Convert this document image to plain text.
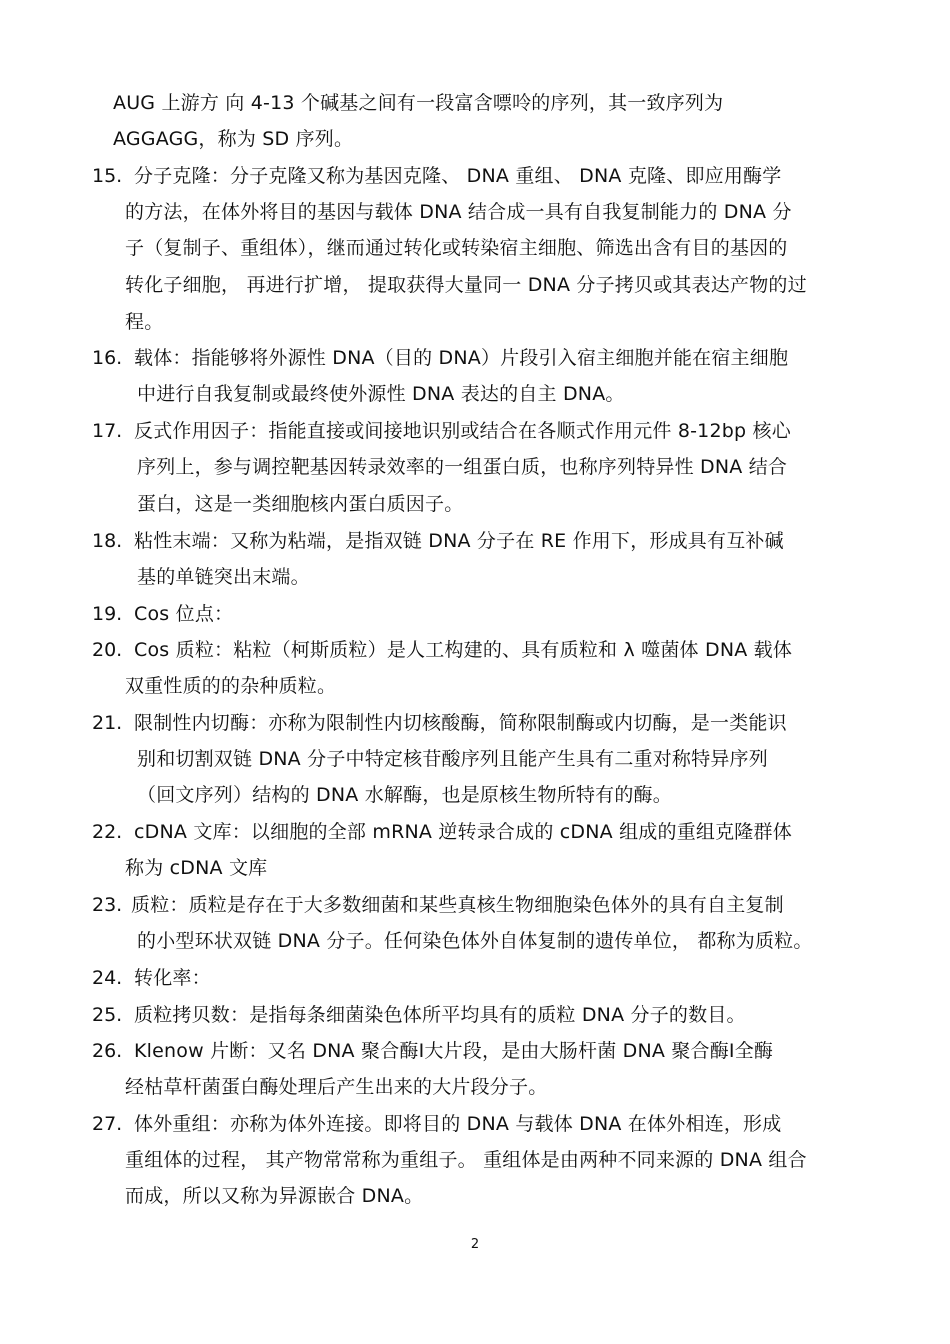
AUG 上游方 向 4-13 个碱基之间有一段富含嘌呤的序列，其一致序列为
AGGAGG，称为 SD 序列。
15. 分子克隆：分子克隆又称为基因克隆、 DNA 重组、 DNA 克隆、即应用酶学
的方法，在体外将目的基因与载体 DNA 结合成一具有自我复制能力的 DNA 分
子（复制子、重组体），继而通过转化或转染宿主细胞、筛选出含有目的基因的
转化子细胞， 再进行扩增， 提取获得大量同一 DNA 分子拷贝或其表达产物的过
程。
16. 载体：指能够将外源性 DNA（目的 DNA）片段引入宿主细胞并能在宿主细胞
中进行自我复制或最终使外源性 DNA 表达的自主 DNA。
17. 反式作用因子：指能直接或间接地识别或结合在各顺式作用元件 8-12bp 核心
序列上，参与调控靶基因转录效率的一组蛋白质，也称序列特异性 DNA 结合
蛋白，这是一类细胞核内蛋白质因子。
18. 粘性末端：又称为粘端，是指双链 DNA 分子在 RE 作用下，形成具有互补碱
基的单链突出末端。
19. Cos 位点：
20. Cos 质粒：粘粒（柯斯质粒）是人工构建的、具有质粒和 λ 噬菌体 DNA 载体
双重性质的的杂种质粒。
21. 限制性内切酶：亦称为限制性内切核酸酶，简称限制酶或内切酶，是一类能识
别和切割双链 DNA 分子中特定核苷酸序列且能产生具有二重对称特异序列
（回文序列）结构的 DNA 水解酶，也是原核生物所特有的酶。
22. cDNA 文库：以细胞的全部 mRNA 逆转录合成的 cDNA 组成的重组克隆群体
称为 cDNA 文库
23. 质粒：质粒是存在于大多数细菌和某些真核生物细胞染色体外的具有自主复制
的小型环状双链 DNA 分子。任何染色体外自体复制的遗传单位， 都称为质粒。
24. 转化率：
25. 质粒拷贝数：是指每条细菌染色体所平均具有的质粒 DNA 分子的数目。
26. Klenow 片断：又名 DNA 聚合酶Ⅰ大片段，是由大肠杆菌 DNA 聚合酶Ⅰ全酶
经枯草杆菌蛋白酶处理后产生出来的大片段分子。
27. 体外重组：亦称为体外连接。即将目的 DNA 与载体 DNA 在体外相连，形成
重组体的过程， 其产物常常称为重组子。 重组体是由两种不同来源的 DNA 组合
而成，所以又称为异源嵌合 DNA。
2
